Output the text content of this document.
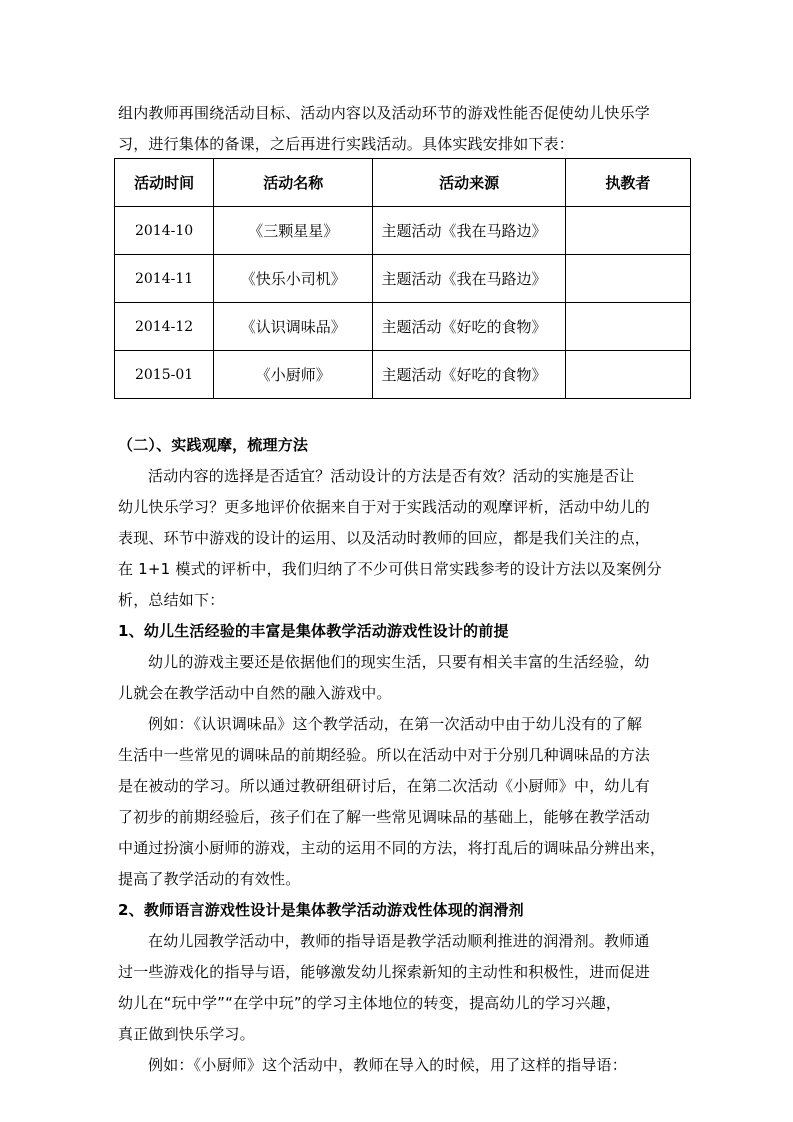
组内教师再围绕活动目标、活动内容以及活动环节的游戏性能否促使幼儿快乐学
习，进行集体的备课，之后再进行实践活动。具体实践安排如下表：
活动时间	活动名称	活动来源	执教者
2014-10	《三颗星星》	主题活动《我在马路边》	
2014-11	《快乐小司机》	主题活动《我在马路边》	
2014-12	《认识调味品》	主题活动《好吃的食物》	
2015-01	《小厨师》	主题活动《好吃的食物》	
（二）、实践观摩，梳理方法
活动内容的选择是否适宜？活动设计的方法是否有效？活动的实施是否让
幼儿快乐学习？更多地评价依据来自于对于实践活动的观摩评析，活动中幼儿的
表现、环节中游戏的设计的运用、以及活动时教师的回应，都是我们关注的点，
在 1+1 模式的评析中，我们归纳了不少可供日常实践参考的设计方法以及案例分
析，总结如下：
1、幼儿生活经验的丰富是集体教学活动游戏性设计的前提
幼儿的游戏主要还是依据他们的现实生活，只要有相关丰富的生活经验，幼
儿就会在教学活动中自然的融入游戏中。
例如：《认识调味品》这个教学活动，在第一次活动中由于幼儿没有的了解
生活中一些常见的调味品的前期经验。所以在活动中对于分别几种调味品的方法
是在被动的学习。所以通过教研组研讨后，在第二次活动《小厨师》中，幼儿有
了初步的前期经验后，孩子们在了解一些常见调味品的基础上，能够在教学活动
中通过扮演小厨师的游戏，主动的运用不同的方法，将打乱后的调味品分辨出来，
提高了教学活动的有效性。
2、教师语言游戏性设计是集体教学活动游戏性体现的润滑剂
在幼儿园教学活动中，教师的指导语是教学活动顺利推进的润滑剂。教师通
过一些游戏化的指导与语，能够激发幼儿探索新知的主动性和积极性，进而促进
幼儿在“玩中学”“在学中玩”的学习主体地位的转变，提高幼儿的学习兴趣，
真正做到快乐学习。
例如：《小厨师》这个活动中，教师在导入的时候，用了这样的指导语：
